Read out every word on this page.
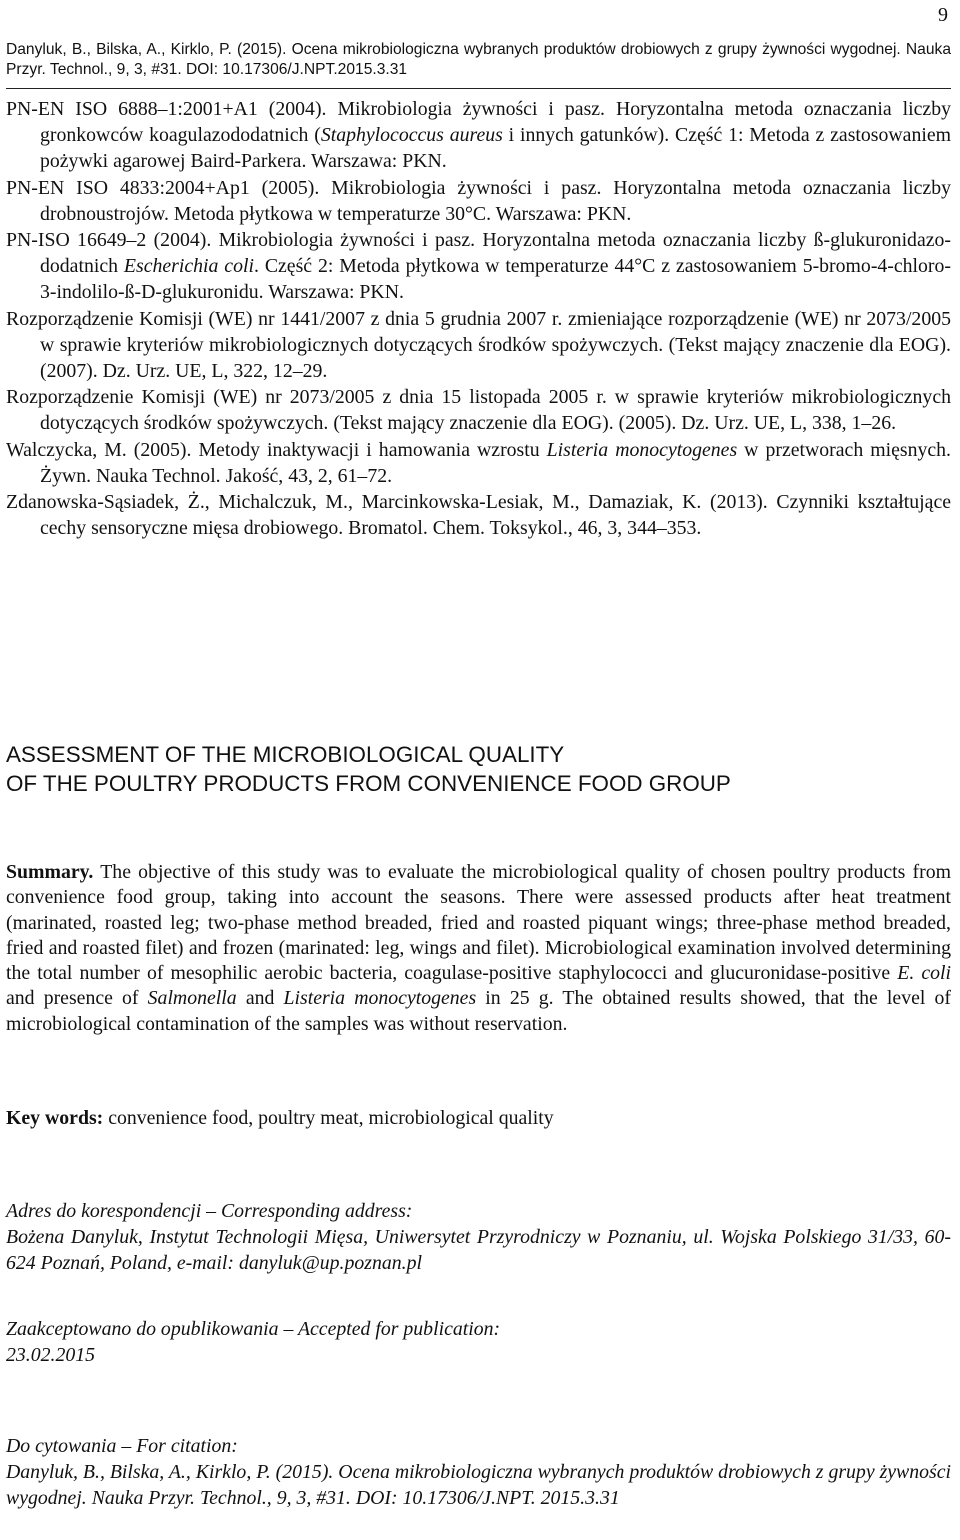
9
Danyluk, B., Bilska, A., Kirklo, P. (2015). Ocena mikrobiologiczna wybranych produktów drobiowych z grupy żywności wygodnej. Nauka Przyr. Technol., 9, 3, #31. DOI: 10.17306/J.NPT.2015.3.31

PN-EN ISO 6888–1:2001+A1 (2004). Mikrobiologia żywności i pasz. Horyzontalna metoda oznaczania liczby gronkowców koagulazododatnich (Staphylococcus aureus i innych gatunków). Część 1: Metoda z zastosowaniem pożywki agarowej Baird-Parkera. Warszawa: PKN.

PN-EN ISO 4833:2004+Ap1 (2005). Mikrobiologia żywności i pasz. Horyzontalna metoda oznaczania liczby drobnoustrojów. Metoda płytkowa w temperaturze 30°C. Warszawa: PKN.

PN-ISO 16649–2 (2004). Mikrobiologia żywności i pasz. Horyzontalna metoda oznaczania liczby ß-glukuronidazo-dodatnich Escherichia coli. Część 2: Metoda płytkowa w temperaturze 44°C z zastosowaniem 5-bromo-4-chloro-3-indolilo-ß-D-glukuronidu. Warszawa: PKN.

Rozporządzenie Komisji (WE) nr 1441/2007 z dnia 5 grudnia 2007 r. zmieniające rozporządzenie (WE) nr 2073/2005 w sprawie kryteriów mikrobiologicznych dotyczących środków spożywczych. (Tekst mający znaczenie dla EOG). (2007). Dz. Urz. UE, L, 322, 12–29.

Rozporządzenie Komisji (WE) nr 2073/2005 z dnia 15 listopada 2005 r. w sprawie kryteriów mikrobiologicznych dotyczących środków spożywczych. (Tekst mający znaczenie dla EOG). (2005). Dz. Urz. UE, L, 338, 1–26.

Walczycka, M. (2005). Metody inaktywacji i hamowania wzrostu Listeria monocytogenes w przetworach mięsnych. Żywn. Nauka Technol. Jakość, 43, 2, 61–72.

Zdanowska-Sąsiadek, Ż., Michalczuk, M., Marcinkowska-Lesiak, M., Damaziak, K. (2013). Czynniki kształtujące cechy sensoryczne mięsa drobiowego. Bromatol. Chem. Toksykol., 46, 3, 344–353.

ASSESSMENT OF THE MICROBIOLOGICAL QUALITY
OF THE POULTRY PRODUCTS FROM CONVENIENCE FOOD GROUP
Summary. The objective of this study was to evaluate the microbiological quality of chosen poultry products from convenience food group, taking into account the seasons. There were assessed products after heat treatment (marinated, roasted leg; two-phase method breaded, fried and roasted piquant wings; three-phase method breaded, fried and roasted filet) and frozen (marinated: leg, wings and filet). Microbiological examination involved determining the total number of mesophilic aerobic bacteria, coagulase-positive staphylococci and glucuronidase-positive E. coli and presence of Salmonella and Listeria monocytogenes in 25 g. The obtained results showed, that the level of microbiological contamination of the samples was without reservation.
Key words: convenience food, poultry meat, microbiological quality
Adres do korespondencji – Corresponding address:
Bożena Danyluk, Instytut Technologii Mięsa, Uniwersytet Przyrodniczy w Poznaniu, ul. Wojska Polskiego 31/33, 60-624 Poznań, Poland, e-mail: danyluk@up.poznan.pl
Zaakceptowano do opublikowania – Accepted for publication:
23.02.2015
Do cytowania – For citation:
Danyluk, B., Bilska, A., Kirklo, P. (2015). Ocena mikrobiologiczna wybranych produktów drobiowych z grupy żywności wygodnej. Nauka Przyr. Technol., 9, 3, #31. DOI: 10.17306/J.NPT. 2015.3.31
